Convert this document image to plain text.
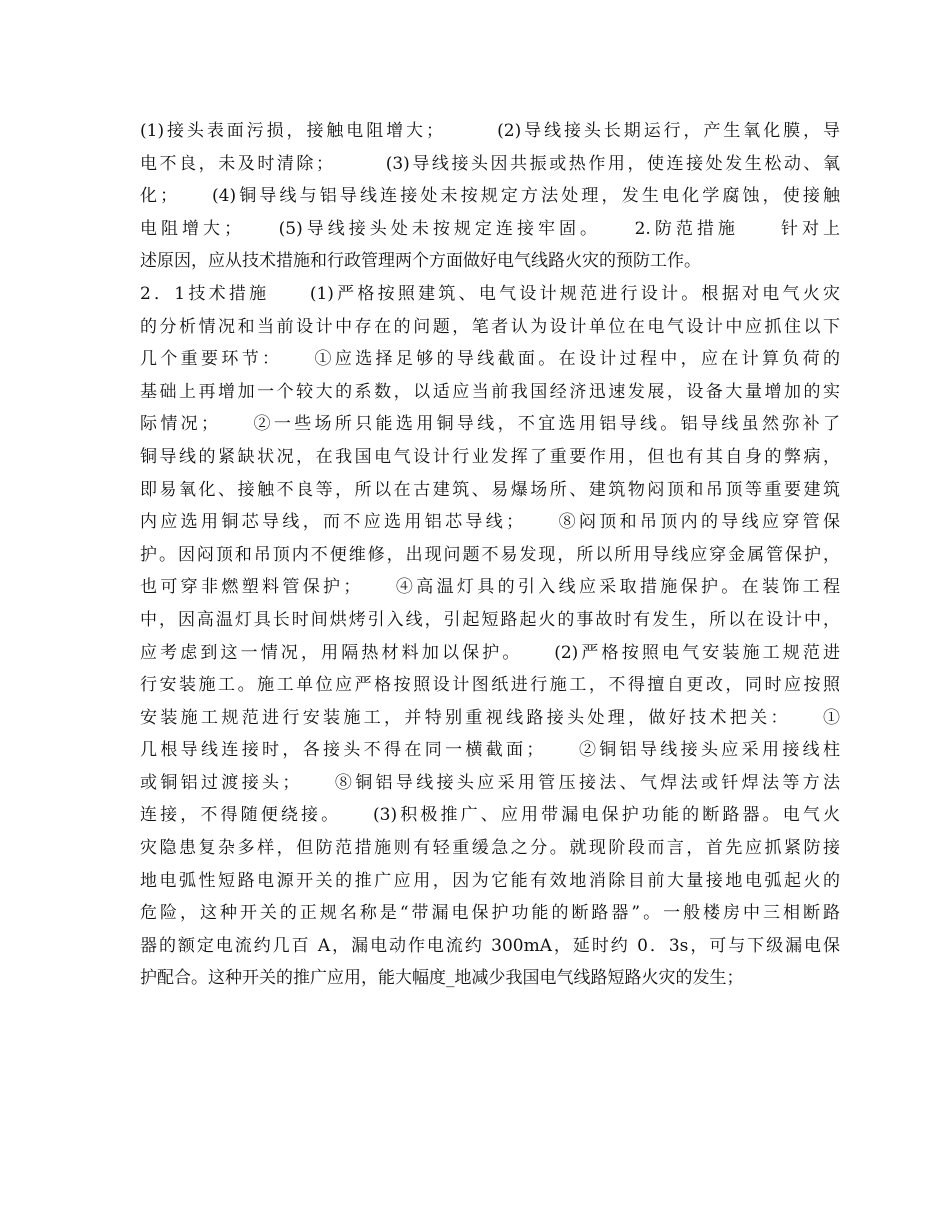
(1)接头表面污损，接触电阻增大；　　　(2)导线接头长期运行，产生氧化膜，导
电不良，未及时清除；　　　(3)导线接头因共振或热作用，使连接处发生松动、氧
化；　　(4)铜导线与铝导线连接处未按规定方法处理，发生电化学腐蚀，使接触
电阻增大；　　(5)导线接头处未按规定连接牢固。　　2.防范措施　　针对上
述原因，应从技术措施和行政管理两个方面做好电气线路火灾的预防工作。
2．1技术措施　　(1)严格按照建筑、电气设计规范进行设计。根据对电气火灾
的分析情况和当前设计中存在的问题，笔者认为设计单位在电气设计中应抓住以下
几个重要环节：　　①应选择足够的导线截面。在设计过程中，应在计算负荷的
基础上再增加一个较大的系数，以适应当前我国经济迅速发展，设备大量增加的实
际情况；　　②一些场所只能选用铜导线，不宜选用铝导线。铝导线虽然弥补了
铜导线的紧缺状况，在我国电气设计行业发挥了重要作用，但也有其自身的弊病，
即易氧化、接触不良等，所以在古建筑、易爆场所、建筑物闷顶和吊顶等重要建筑
内应选用铜芯导线，而不应选用铝芯导线；　　⑧闷顶和吊顶内的导线应穿管保
护。因闷顶和吊顶内不便维修，出现问题不易发现，所以所用导线应穿金属管保护，
也可穿非燃塑料管保护；　　④高温灯具的引入线应采取措施保护。在装饰工程
中，因高温灯具长时间烘烤引入线，引起短路起火的事故时有发生，所以在设计中，
应考虑到这一情况，用隔热材料加以保护。　　(2)严格按照电气安装施工规范进
行安装施工。施工单位应严格按照设计图纸进行施工，不得擅自更改，同时应按照
安装施工规范进行安装施工，并特别重视线路接头处理，做好技术把关：　　①
几根导线连接时，各接头不得在同一横截面；　　②铜铝导线接头应采用接线柱
或铜铝过渡接头；　　⑧铜铝导线接头应采用管压接法、气焊法或钎焊法等方法
连接，不得随便绕接。　　(3)积极推广、应用带漏电保护功能的断路器。电气火
灾隐患复杂多样，但防范措施则有轻重缓急之分。就现阶段而言，首先应抓紧防接
地电弧性短路电源开关的推广应用，因为它能有效地消除目前大量接地电弧起火的
危险，这种开关的正规名称是“带漏电保护功能的断路器”。一般楼房中三相断路
器的额定电流约几百 A，漏电动作电流约 300mA，延时约 0．3s，可与下级漏电保
护配合。这种开关的推广应用，能大幅度_地减少我国电气线路短路火灾的发生；
